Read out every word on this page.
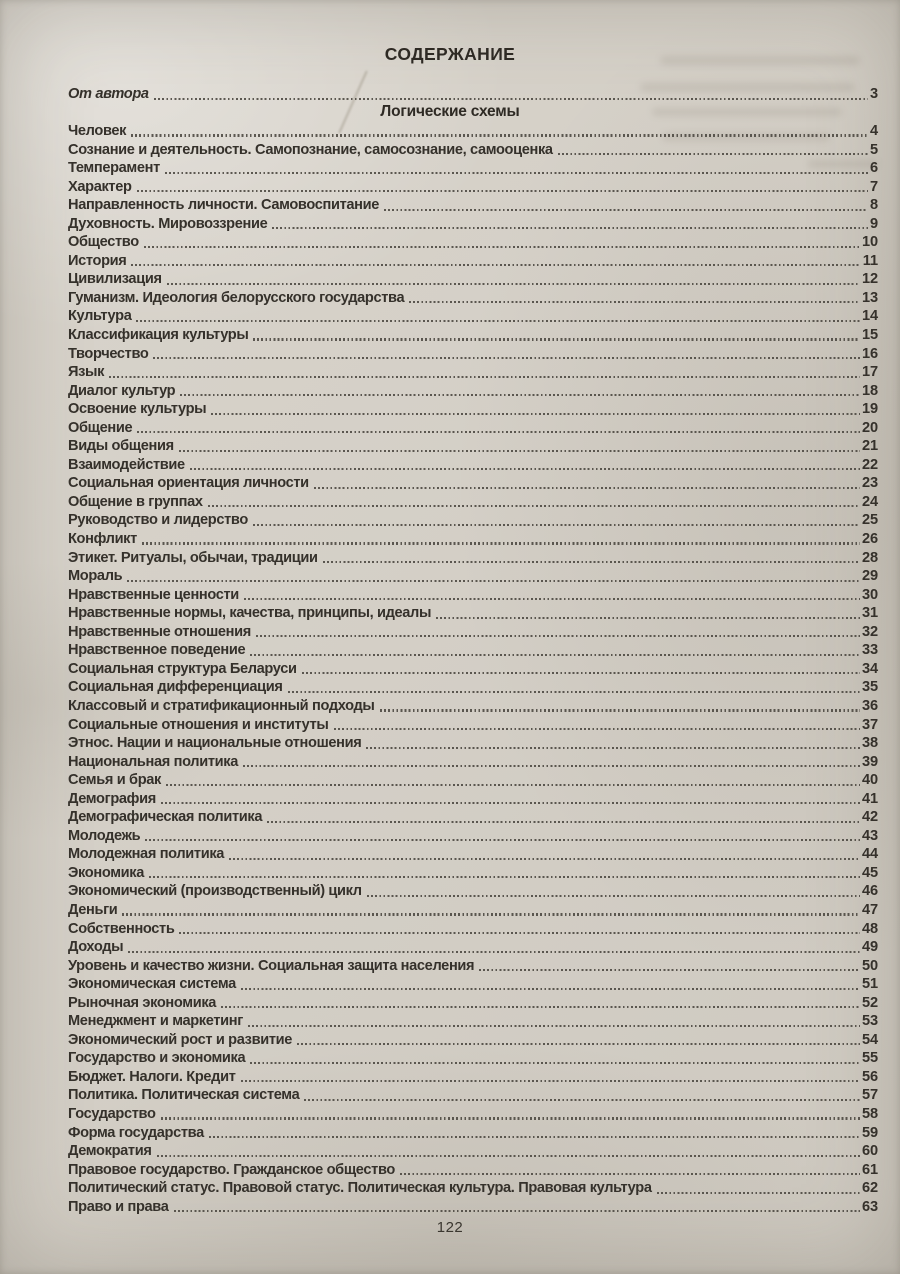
СОДЕРЖАНИЕ
От автора	3
Логические схемы
Человек	4
Сознание и деятельность. Самопознание, самосознание, самооценка	5
Темперамент	6
Характер	7
Направленность личности. Самовоспитание	8
Духовность. Мировоззрение	9
Общество	10
История	11
Цивилизация	12
Гуманизм. Идеология белорусского государства	13
Культура	14
Классификация культуры	15
Творчество	16
Язык	17
Диалог культур	18
Освоение культуры	19
Общение	20
Виды общения	21
Взаимодействие	22
Социальная ориентация личности	23
Общение в группах	24
Руководство и лидерство	25
Конфликт	26
Этикет. Ритуалы, обычаи, традиции	28
Мораль	29
Нравственные ценности	30
Нравственные нормы, качества, принципы, идеалы	31
Нравственные отношения	32
Нравственное поведение	33
Социальная структура Беларуси	34
Социальная дифференциация	35
Классовый и стратификационный подходы	36
Социальные отношения и институты	37
Этнос. Нации и национальные отношения	38
Национальная политика	39
Семья и брак	40
Демография	41
Демографическая политика	42
Молодежь	43
Молодежная политика	44
Экономика	45
Экономический (производственный) цикл	46
Деньги	47
Собственность	48
Доходы	49
Уровень и качество жизни. Социальная защита населения	50
Экономическая система	51
Рыночная экономика	52
Менеджмент и маркетинг	53
Экономический рост и развитие	54
Государство и экономика	55
Бюджет. Налоги. Кредит	56
Политика. Политическая система	57
Государство	58
Форма государства	59
Демократия	60
Правовое государство. Гражданское общество	61
Политический статус. Правовой статус. Политическая культура. Правовая культура	62
Право и права	63
122
